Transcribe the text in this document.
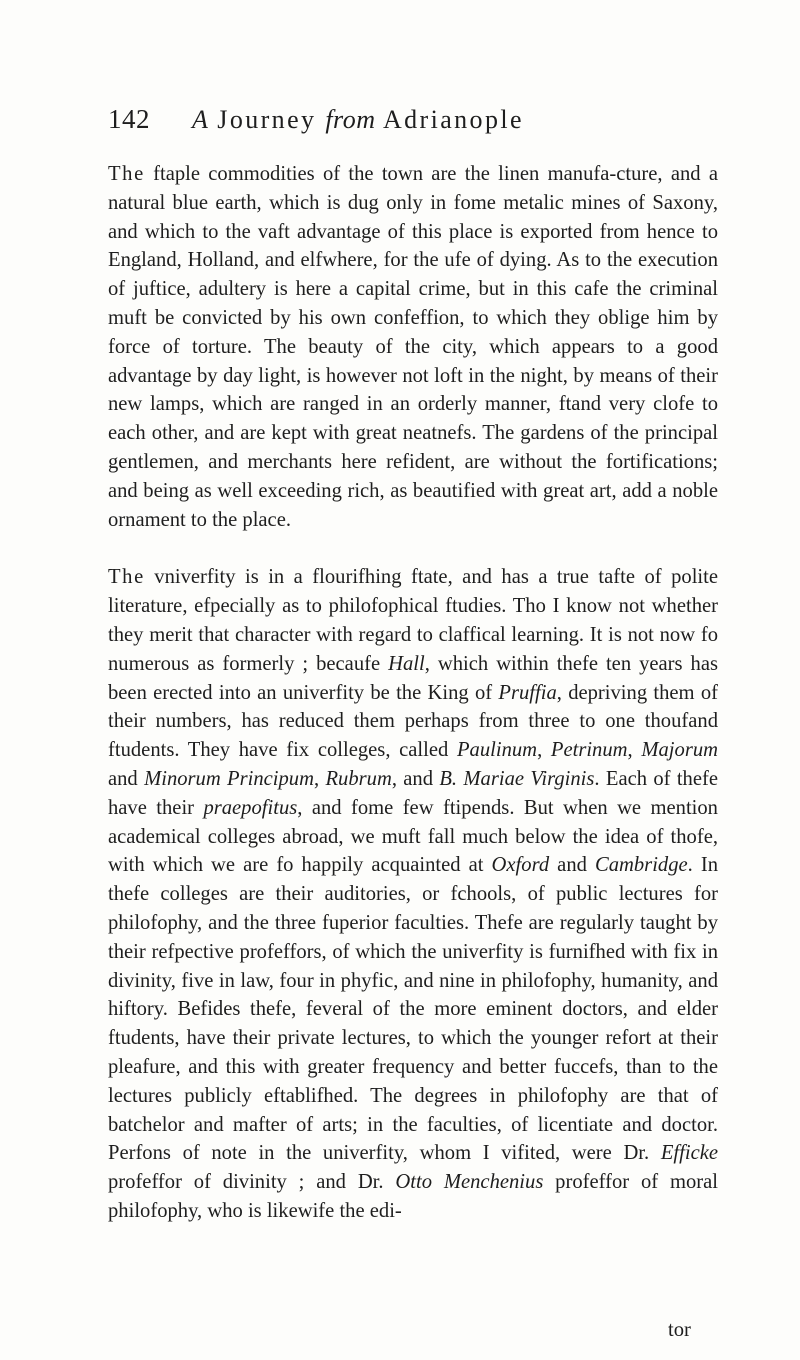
142 A Journey from Adrianople

The ftaple commodities of the town are the linen manufa-cture, and a natural blue earth, which is dug only in fome metalic mines of Saxony, and which to the vaft advantage of this place is exported from hence to England, Holland, and elfwhere, for the ufe of dying. As to the execution of juftice, adultery is here a capital crime, but in this cafe the criminal muft be convicted by his own confeffion, to which they oblige him by force of torture. The beauty of the city, which appears to a good advantage by day light, is however not loft in the night, by means of their new lamps, which are ranged in an orderly manner, ftand very clofe to each other, and are kept with great neatnefs. The gardens of the principal gentlemen, and merchants here refident, are without the fortifications; and being as well exceeding rich, as beautified with great art, add a noble ornament to the place.

The vniverfity is in a flourifhing ftate, and has a true tafte of polite literature, efpecially as to philofophical ftudies. Tho I know not whether they merit that character with regard to claffical learning. It is not now fo numerous as formerly ; becaufe Hall, which within thefe ten years has been erected into an univerfity be the King of Pruffia, depriving them of their numbers, has reduced them perhaps from three to one thoufand ftudents. They have fix colleges, called Paulinum, Petrinum, Majorum and Minorum Principum, Rubrum, and B. Mariae Virginis. Each of thefe have their praepofitus, and fome few ftipends. But when we mention academical colleges abroad, we muft fall much below the idea of thofe, with which we are fo happily acquainted at Oxford and Cambridge. In thefe colleges are their auditories, or fchools, of public lectures for philofophy, and the three fuperior faculties. Thefe are regularly taught by their refpective profeffors, of which the univerfity is furnifhed with fix in divinity, five in law, four in phyfic, and nine in philofophy, humanity, and hiftory. Befides thefe, feveral of the more eminent doctors, and elder ftudents, have their private lectures, to which the younger refort at their pleafure, and this with greater frequency and better fuccefs, than to the lectures publicly eftablifhed. The degrees in philofophy are that of batchelor and mafter of arts; in the faculties, of licentiate and doctor. Perfons of note in the univerfity, whom I vifited, were Dr. Efficke profeffor of divinity ; and Dr. Otto Menchenius profeffor of moral philofophy, who is likewife the edi-

tor
